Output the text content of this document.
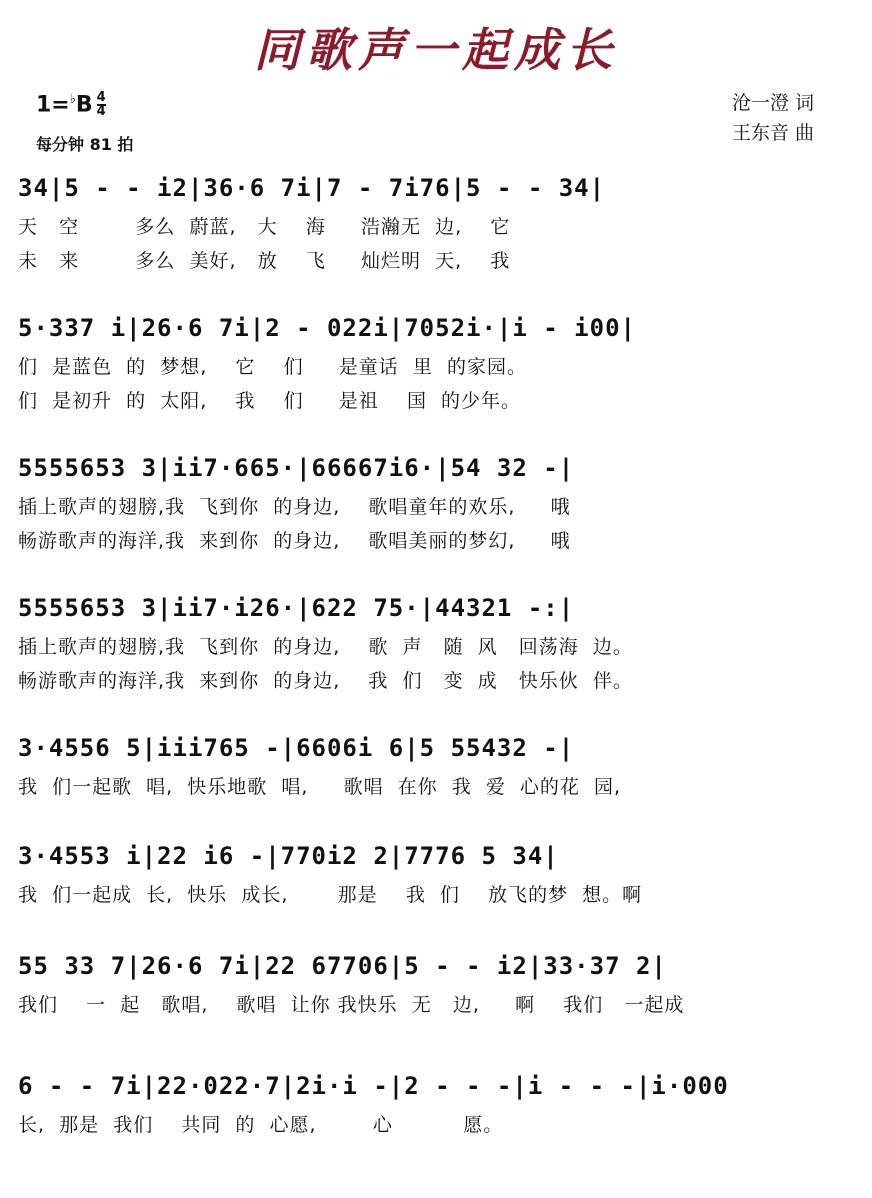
同歌声一起成长
$1=^♭B \frac{4}{4}$
每分钟 81 拍
沧一澄 词
王东音 曲
34|5 - - i2|36·6 7i|7 - 7i76|5 - - 34|
天   空        多么  蔚蓝,   大    海     浩瀚无  边,    它
未   来        多么  美好,   放    飞     灿烂明  天,    我
5·337 i|26·6 7i|2 - 022i|7052i·|i - i00|
们  是蓝色  的  梦想,    它    们     是童话  里  的家园。
们  是初升  的  太阳,    我    们     是祖    国  的少年。
5555653 3|ii7·665·|66667i6·|54 32 -|
插上歌声的翅膀,我  飞到你  的身边,    歌唱童年的欢乐,     哦
畅游歌声的海洋,我  来到你  的身边,    歌唱美丽的梦幻,     哦
5555653 3|ii7·i26·|622 75·|44321 -:|
插上歌声的翅膀,我  飞到你  的身边,    歌  声   随  风   回荡海  边。
畅游歌声的海洋,我  来到你  的身边,    我  们   变  成   快乐伙  伴。
3·4556 5|iii765 -|6606i 6|5 55432 -|
我  们一起歌  唱,  快乐地歌  唱,     歌唱  在你  我  爱  心的花  园,
3·4553 i|22 i6 -|770i2 2|7776 5 34|
我  们一起成  长,  快乐  成长,       那是    我  们    放飞的梦  想。啊
55 33 7|26·6 7i|22 67706|5 - - i2|33·37 2|
我们    一  起   歌唱,    歌唱  让你 我快乐  无   边,     啊    我们   一起成
6 - - 7i|22·022·7|2i·i -|2 - - -|i - - -|i·000
长,  那是  我们    共同  的  心愿,        心          愿。
